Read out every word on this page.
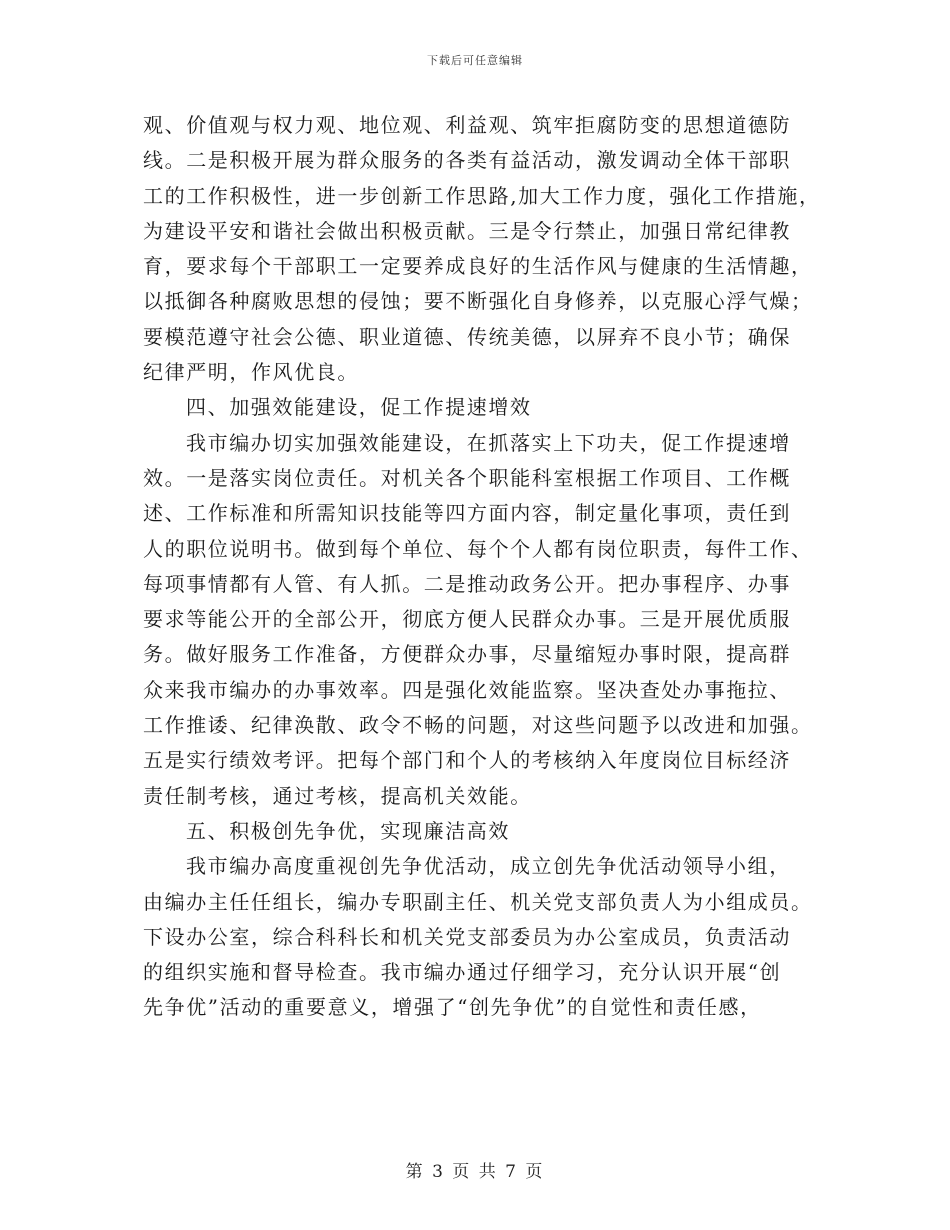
下载后可任意编辑
观、价值观与权力观、地位观、利益观、筑牢拒腐防变的思想道德防
线。二是积极开展为群众服务的各类有益活动，激发调动全体干部职
工的工作积极性，进一步创新工作思路,加大工作力度，强化工作措施，
为建设平安和谐社会做出积极贡献。三是令行禁止，加强日常纪律教
育，要求每个干部职工一定要养成良好的生活作风与健康的生活情趣，
以抵御各种腐败思想的侵蚀；要不断强化自身修养，以克服心浮气燥；
要模范遵守社会公德、职业道德、传统美德，以屏弃不良小节；确保
纪律严明，作风优良。
四、加强效能建设，促工作提速增效
我市编办切实加强效能建设，在抓落实上下功夫，促工作提速增
效。一是落实岗位责任。对机关各个职能科室根据工作项目、工作概
述、工作标准和所需知识技能等四方面内容，制定量化事项，责任到
人的职位说明书。做到每个单位、每个个人都有岗位职责，每件工作、
每项事情都有人管、有人抓。二是推动政务公开。把办事程序、办事
要求等能公开的全部公开，彻底方便人民群众办事。三是开展优质服
务。做好服务工作准备，方便群众办事，尽量缩短办事时限，提高群
众来我市编办的办事效率。四是强化效能监察。坚决查处办事拖拉、
工作推诿、纪律涣散、政令不畅的问题，对这些问题予以改进和加强。
五是实行绩效考评。把每个部门和个人的考核纳入年度岗位目标经济
责任制考核，通过考核，提高机关效能。
五、积极创先争优，实现廉洁高效
我市编办高度重视创先争优活动，成立创先争优活动领导小组，
由编办主任任组长，编办专职副主任、机关党支部负责人为小组成员。
下设办公室，综合科科长和机关党支部委员为办公室成员，负责活动
的组织实施和督导检查。我市编办通过仔细学习，充分认识开展“创
先争优”活动的重要意义，增强了“创先争优”的自觉性和责任感，
第 3 页 共 7 页
